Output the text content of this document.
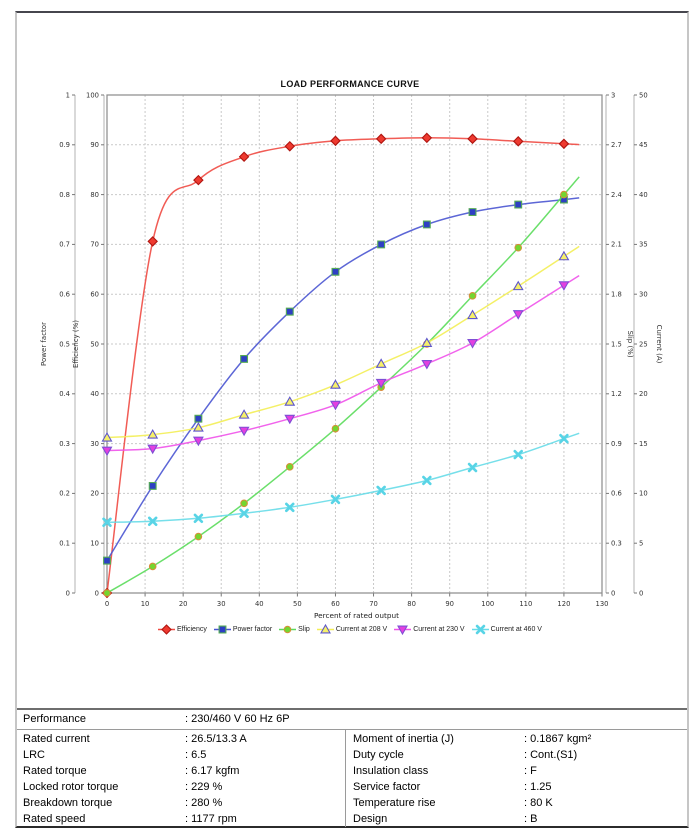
LOAD PERFORMANCE CURVE
0
0.1
0.2
0.3
0.4
0.5
0.6
0.7
0.8
0.9
1
Power factor
0
10
20
30
40
50
60
70
80
90
100
Efficiency (%)
0
0.3
0.6
0.9
1.2
1.5
1.8
2.1
2.4
2.7
3
Slip (%)
0
5
10
15
20
25
30
35
40
45
50
Current (A)
0	10	20	30	40	50	60	70	80	90	100	110	120	130
Percent of rated output
Efficiency	Power factor	Slip	Current at 208 V	Current at 230 V	Current at 460 V
Performance	: 230/460 V 60 Hz 6P
Rated current	: 26.5/13.3 A
LRC	: 6.5
Rated torque	: 6.17 kgfm
Locked rotor torque	: 229 %
Breakdown torque	: 280 %
Rated speed	: 1177 rpm
Moment of inertia (J)	: 0.1867 kgm²
Duty cycle	: Cont.(S1)
Insulation class	: F
Service factor	: 1.25
Temperature rise	: 80 K
Design	: B
